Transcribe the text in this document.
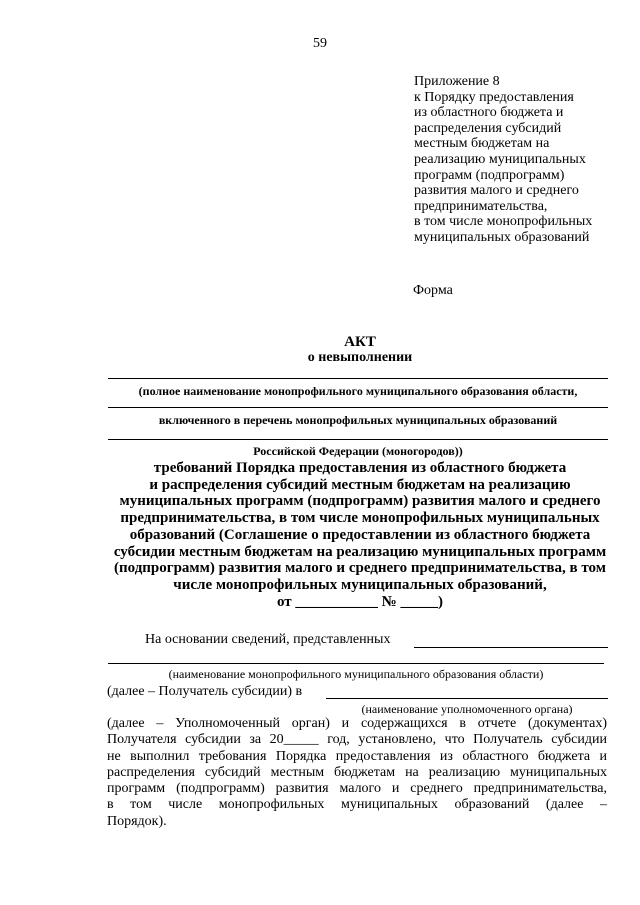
59
Приложение 8
к Порядку предоставления
из областного бюджета и
распределения субсидий
местным бюджетам на
реализацию муниципальных
программ (подпрограмм)
развития малого и среднего
предпринимательства,
в том числе монопрофильных
муниципальных образований
Форма
АКТ
о невыполнении
(полное наименование монопрофильного муниципального образования области,
включенного в перечень монопрофильных муниципальных образований
Российской Федерации (моногородов))
требований Порядка предоставления из областного бюджета
и распределения субсидий местным бюджетам на реализацию
муниципальных программ (подпрограмм) развития малого и среднего
предпринимательства, в том числе монопрофильных муниципальных
образований (Соглашение о предоставлении из областного бюджета
субсидии местным бюджетам на реализацию муниципальных программ
(подпрограмм) развития малого и среднего предпринимательства, в том
числе монопрофильных муниципальных образований,
от ___________ № _____)
На основании сведений, представленных
(наименование монопрофильного муниципального образования области)
(далее – Получатель субсидии) в
(наименование уполномоченного органа)
(далее – Уполномоченный орган) и содержащихся в отчете (документах)
Получателя субсидии за 20_____ год, установлено, что Получатель субсидии
не выполнил требования Порядка предоставления из областного бюджета и
распределения субсидий местным бюджетам на реализацию муниципальных
программ (подпрограмм) развития малого и среднего предпринимательства,
в том числе монопрофильных муниципальных образований (далее –
Порядок).
